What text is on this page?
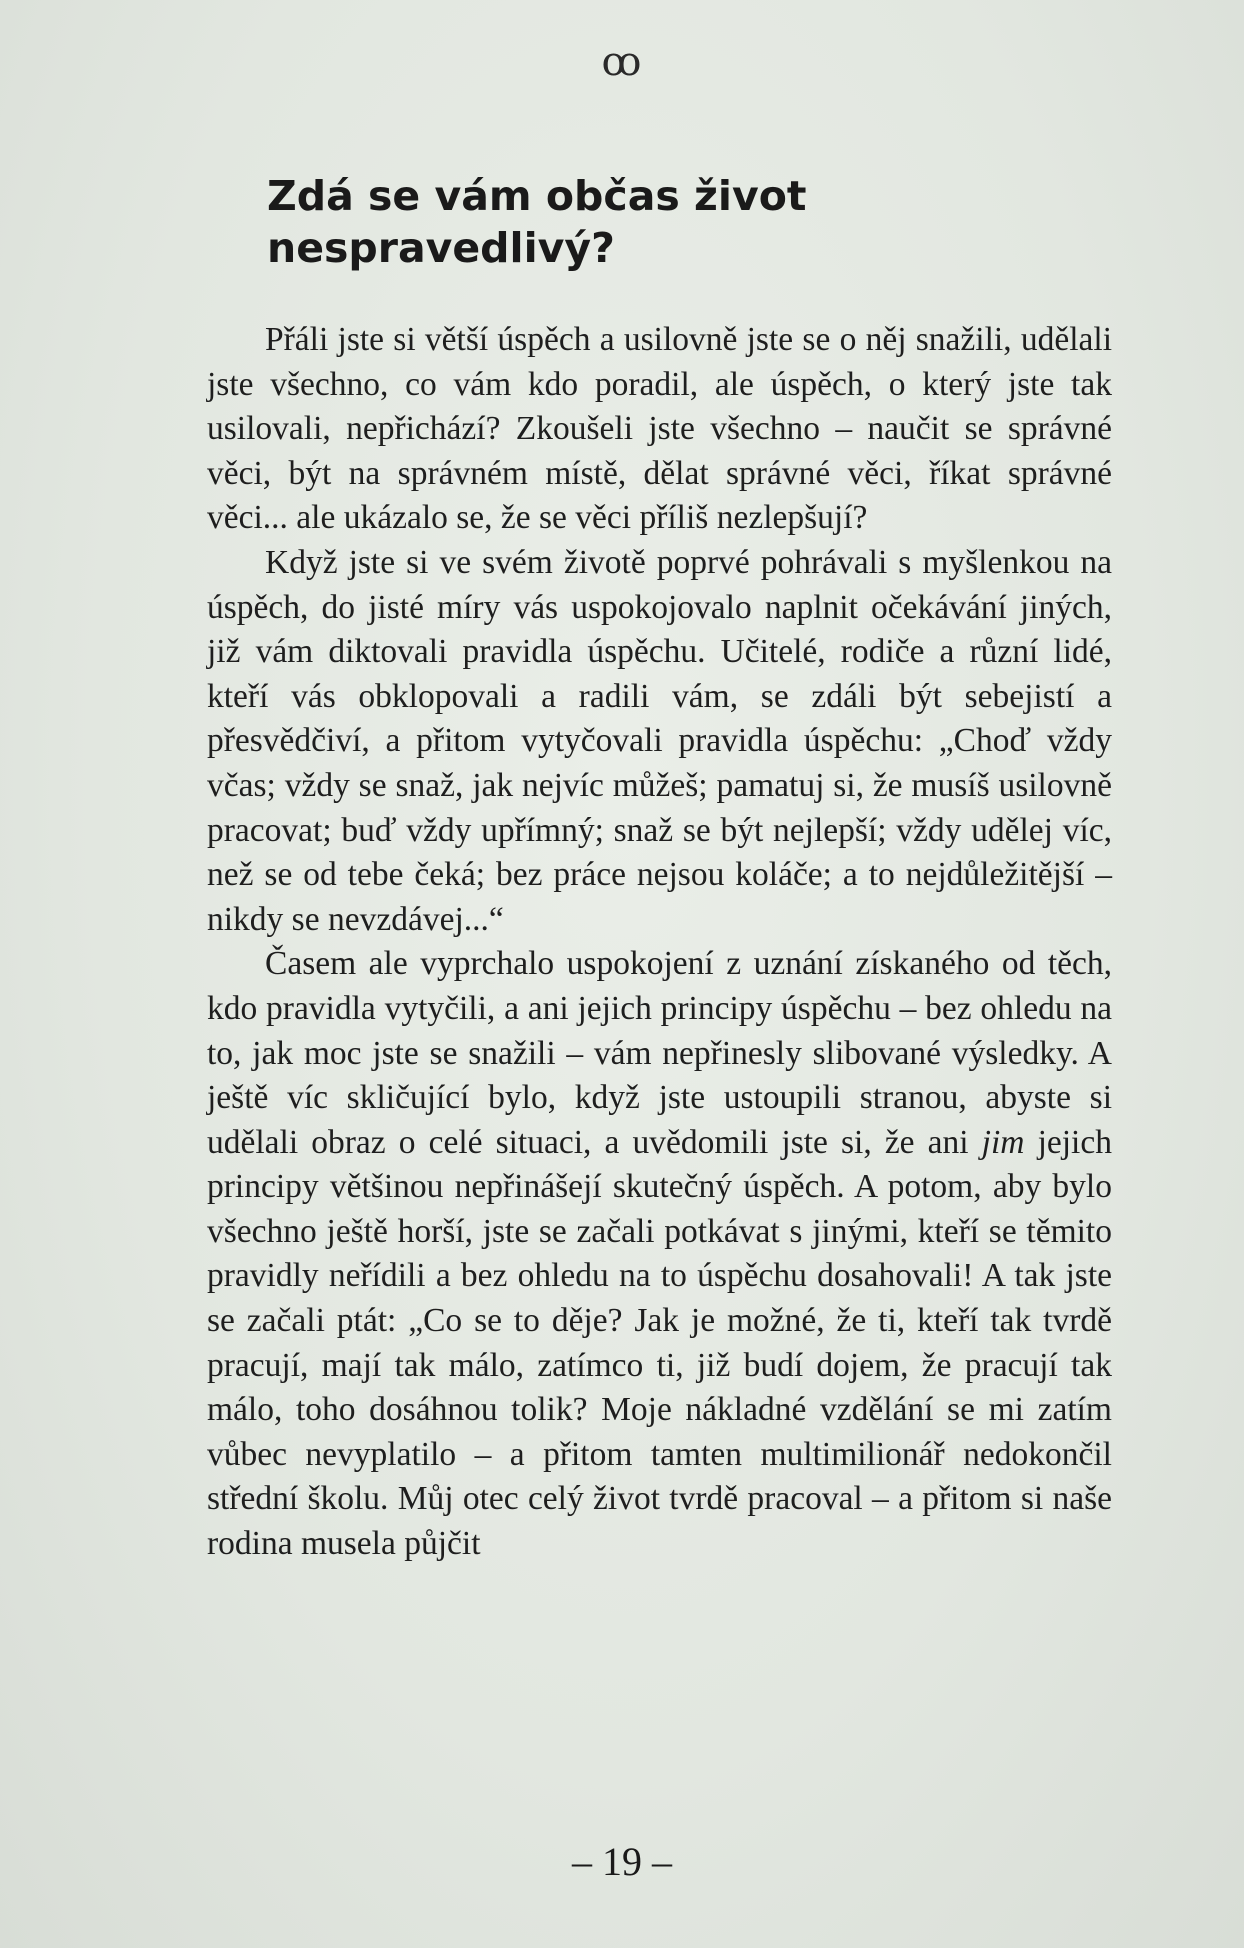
ꝏ
Zdá se vám občas život nespravedlivý?

Přáli jste si větší úspěch a usilovně jste se o něj snažili, udělali jste všechno, co vám kdo poradil, ale úspěch, o který jste tak usilovali, nepřichází? Zkoušeli jste všechno – naučit se správné věci, být na správném místě, dělat správné věci, říkat správné věci... ale ukázalo se, že se věci příliš nezlepšují?

Když jste si ve svém životě poprvé pohrávali s myšlenkou na úspěch, do jisté míry vás uspokojovalo naplnit očekávání jiných, již vám diktovali pravidla úspěchu. Učitelé, rodiče a různí lidé, kteří vás obklopovali a radili vám, se zdáli být sebejistí a přesvědčiví, a přitom vytyčovali pravidla úspěchu: „Choď vždy včas; vždy se snaž, jak nejvíc můžeš; pamatuj si, že musíš usilovně pracovat; buď vždy upřímný; snaž se být nejlepší; vždy udělej víc, než se od tebe čeká; bez práce nejsou koláče; a to nejdůležitější – nikdy se nevzdávej...“

Časem ale vyprchalo uspokojení z uznání získaného od těch, kdo pravidla vytyčili, a ani jejich principy úspěchu – bez ohledu na to, jak moc jste se snažili – vám nepřinesly slibované výsledky. A ještě víc skličující bylo, když jste ustoupili stranou, abyste si udělali obraz o celé situaci, a uvědomili jste si, že ani jim jejich principy většinou nepřinášejí skutečný úspěch. A potom, aby bylo všechno ještě horší, jste se začali potkávat s jinými, kteří se těmito pravidly neřídili a bez ohledu na to úspěchu dosahovali! A tak jste se začali ptát: „Co se to děje? Jak je možné, že ti, kteří tak tvrdě pracují, mají tak málo, zatímco ti, již budí dojem, že pracují tak málo, toho dosáhnou tolik? Moje nákladné vzdělání se mi zatím vůbec nevyplatilo – a přitom tamten multimilionář nedokončil střední školu. Můj otec celý život tvrdě pracoval – a přitom si naše rodina musela půjčit

– 19 –
